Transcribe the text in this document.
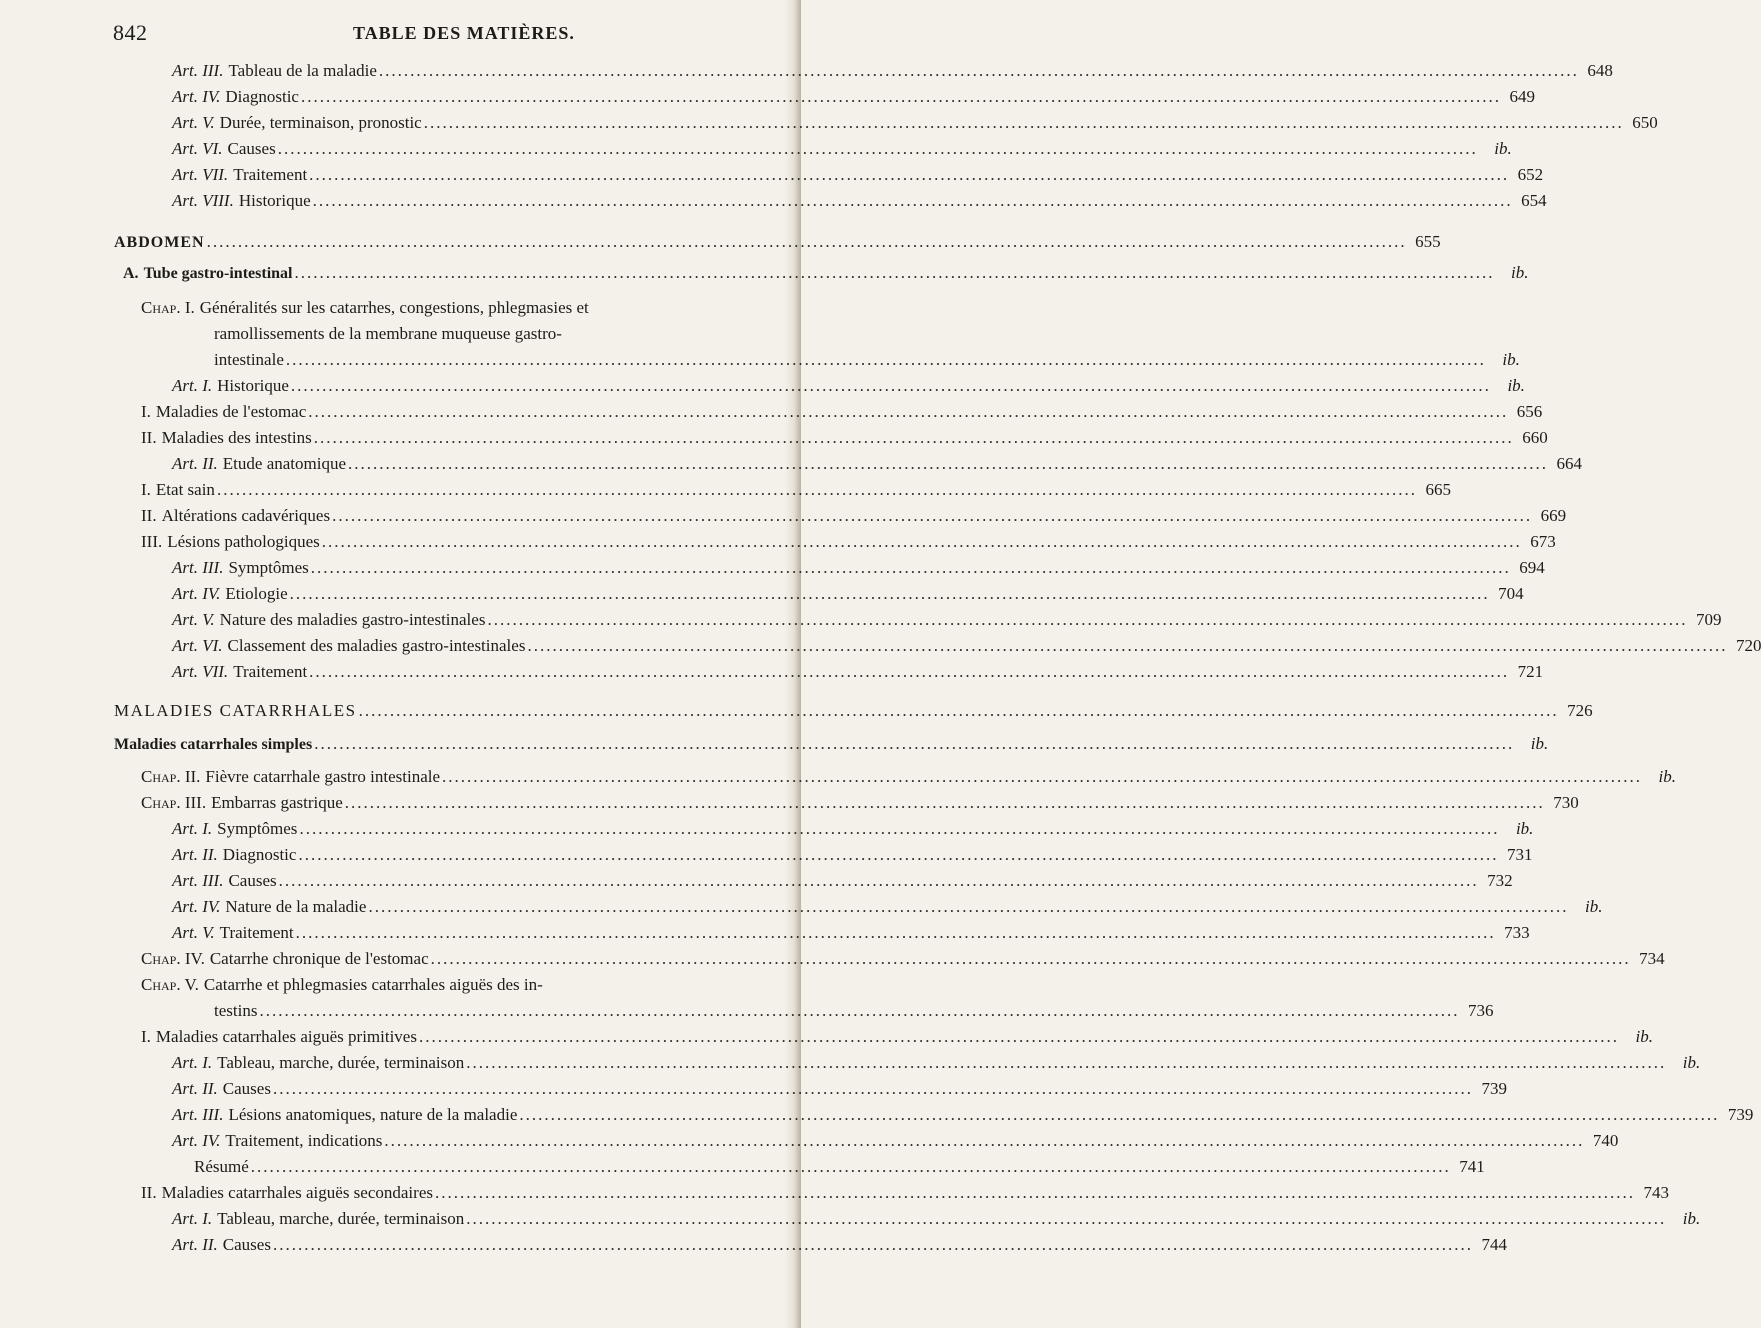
842	TABLE DES MATIÈRES.
Art. III. Tableau de la maladie .....	648
Art. IV. Diagnostic .....	649
Art. V. Durée, terminaison, pronostic .....	650
Art. VI. Causes .....	ib.
Art. VII. Traitement .....	652
Art. VIII. Historique .....	654
ABDOMEN .....	655
A. Tube gastro-intestinal .....	ib.
Chap. I. Généralités sur les catarrhes, congestions, phlegmasies et
ramollissements de la membrane muqueuse gastro-
intestinale .....	ib.
Art. I. Historique .....	ib.
I. Maladies de l'estomac .....	656
II. Maladies des intestins .....	660
Art. II. Etude anatomique .....	664
I. Etat sain .....	665
II. Altérations cadavériques .....	669
III. Lésions pathologiques .....	673
Art. III. Symptômes .....	694
Art. IV. Etiologie .....	704
Art. V. Nature des maladies gastro-intestinales .....	709
Art. VI. Classement des maladies gastro-intestinales .....	720
Art. VII. Traitement .....	721
MALADIES CATARRHALES .....	726
Maladies catarrhales simples .....	ib.
Chap. II. Fièvre catarrhale gastro intestinale .....	ib.
Chap. III. Embarras gastrique .....	730
Art. I. Symptômes .....	ib.
Art. II. Diagnostic .....	731
Art. III. Causes .....	732
Art. IV. Nature de la maladie .....	ib.
Art. V. Traitement .....	733
Chap. IV. Catarrhe chronique de l'estomac .....	734
Chap. V. Catarrhe et phlegmasies catarrhales aiguës des in-
testins .....	736
I. Maladies catarrhales aiguës primitives .....	ib.
Art. I. Tableau, marche, durée, terminaison .....	ib.
Art. II. Causes .....	739
Art. III. Lésions anatomiques, nature de la maladie .....	739
Art. IV. Traitement, indications .....	740
Résumé .....	741
II. Maladies catarrhales aiguës secondaires .....	743
Art. I. Tableau, marche, durée, terminaison .....	ib.
Art. II. Causes .....	744
